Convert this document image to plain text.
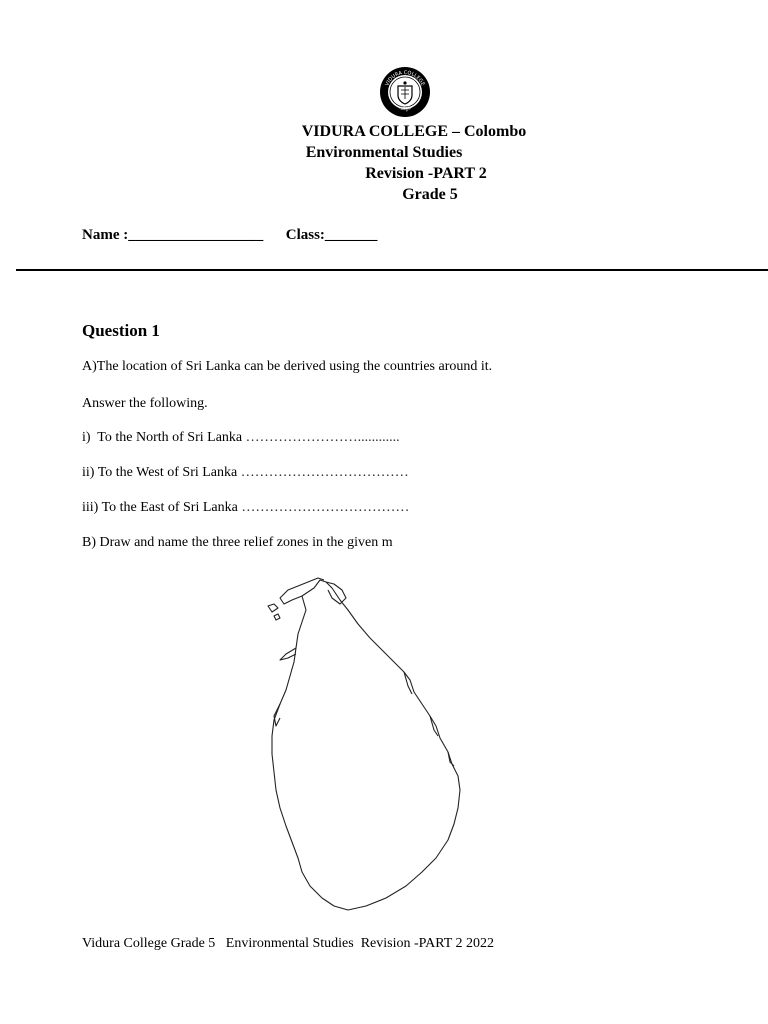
VIDURA COLLEGE
വിദുര
VIDURA COLLEGE – Colombo
Environmental Studies
Revision -PART 2
Grade 5
Name :__________________ Class:_______
Question 1
A)The location of Sri Lanka can be derived using the countries around it.
Answer the following.
i)  To the North of Sri Lanka ……………………............
ii) To the West of Sri Lanka ………………………………
iii) To the East of Sri Lanka ………………………………
B) Draw and name the three relief zones in the given m
Vidura College Grade 5   Environmental Studies  Revision -PART 2 2022
